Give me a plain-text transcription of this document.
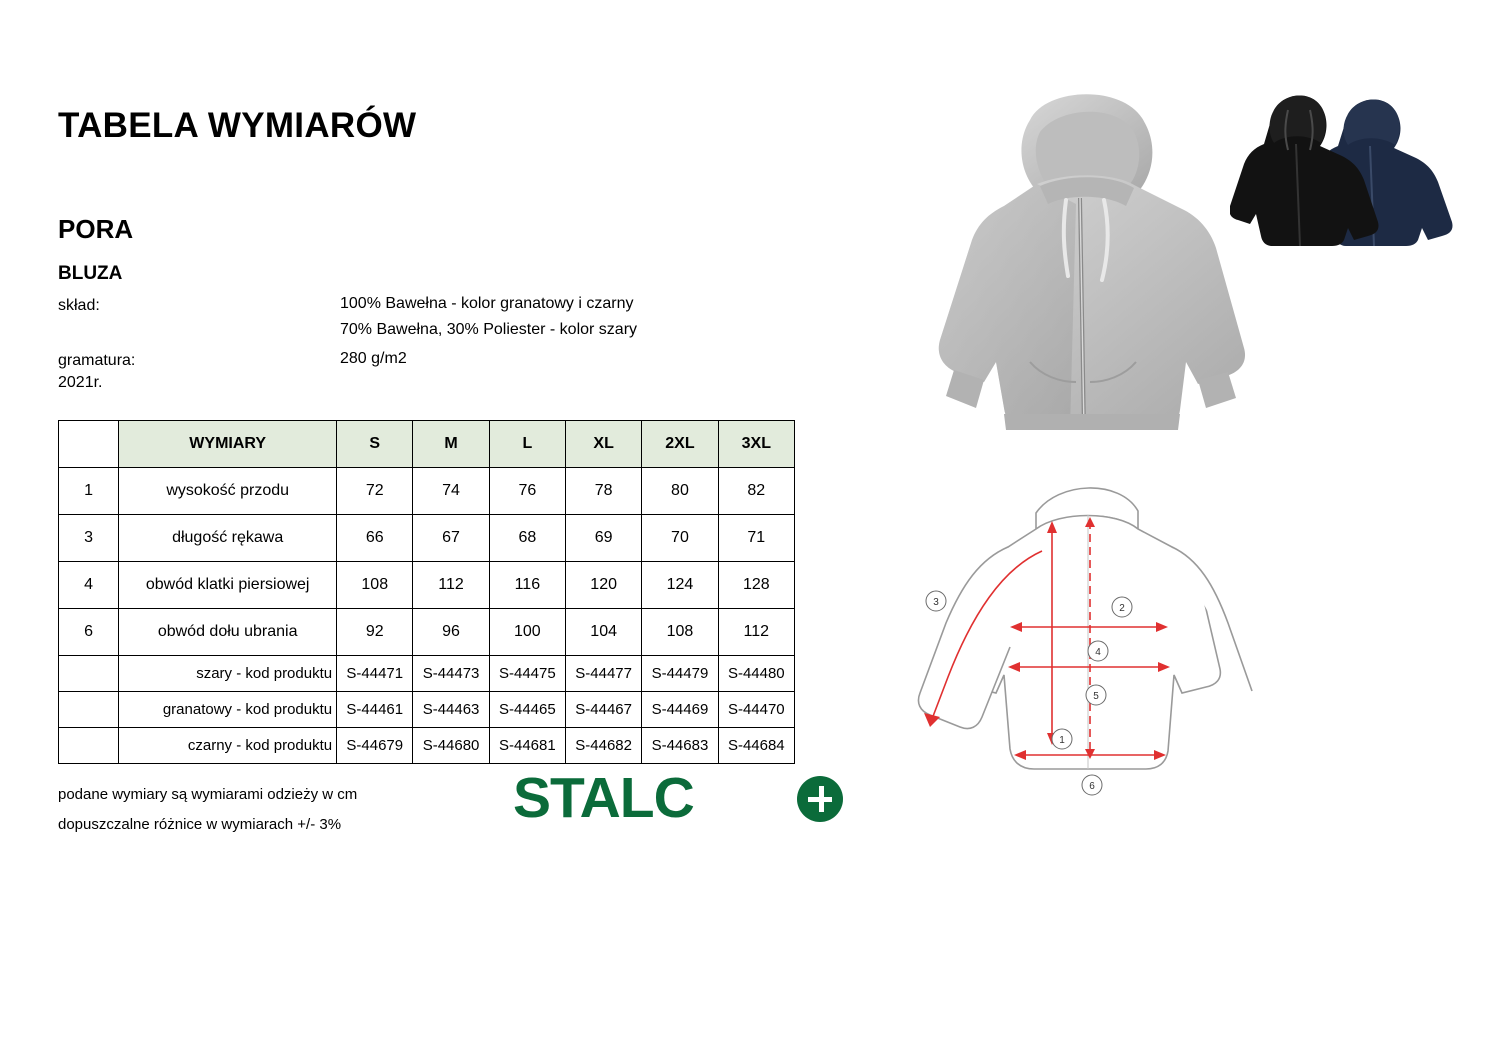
TABELA WYMIARÓW
PORA
BLUZA
skład:	100% Bawełna - kolor granatowy i czarny
70% Bawełna, 30% Poliester - kolor szary
gramatura:	280 g/m2
2021r.
	WYMIARY	S	M	L	XL	2XL	3XL
1	wysokość przodu	72	74	76	78	80	82
3	długość rękawa	66	67	68	69	70	71
4	obwód klatki piersiowej	108	112	116	120	124	128
6	obwód dołu ubrania	92	96	100	104	108	112
	szary - kod produktu	S-44471	S-44473	S-44475	S-44477	S-44479	S-44480
	granatowy - kod produktu	S-44461	S-44463	S-44465	S-44467	S-44469	S-44470
	czarny - kod produktu	S-44679	S-44680	S-44681	S-44682	S-44683	S-44684
podane wymiary są wymiarami odzieży w cm
dopuszczalne różnice w wymiarach +/- 3%	STALC
3
2
4
5
1
6
